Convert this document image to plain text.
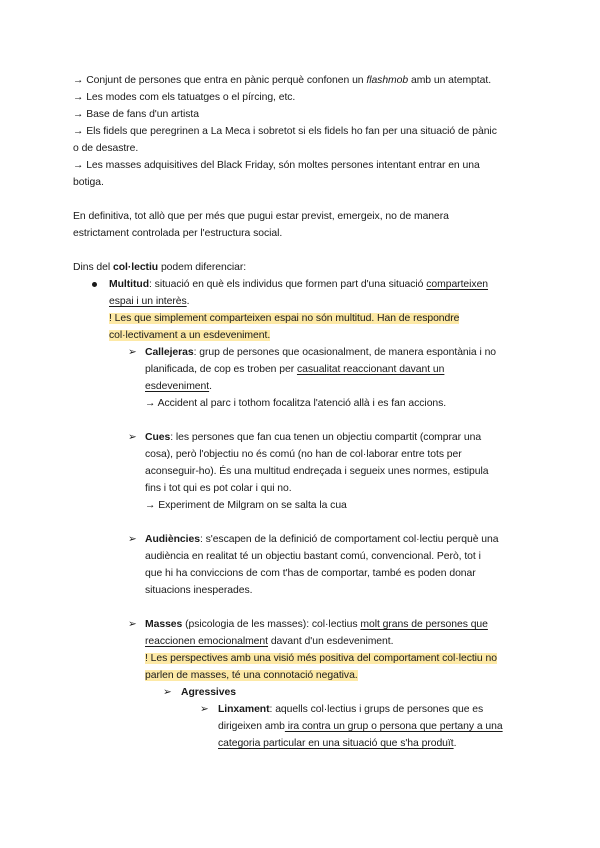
→ Conjunt de persones que entra en pànic perquè confonen un flashmob amb un atemptat.
→ Les modes com els tatuatges o el pírcing, etc.
→ Base de fans d'un artista
→ Els fidels que peregrinen a La Meca i sobretot si els fidels ho fan per una situació de pànic
o de desastre.
→ Les masses adquisitives del Black Friday, són moltes persones intentant entrar en una
botiga.
En definitiva, tot allò que per més que pugui estar previst, emergeix, no de manera
estrictament controlada per l'estructura social.
Dins del col·lectiu podem diferenciar:
Multitud: situació en què els individus que formen part d'una situació comparteixen
espai i un interès.
! Les que simplement comparteixen espai no són multitud. Han de respondre
col·lectivament a un esdeveniment.
➢ Callejeras: grup de persones que ocasionalment, de manera espontània i no
planificada, de cop es troben per casualitat reaccionant davant un
esdeveniment.
→ Accident al parc i tothom focalitza l'atenció allà i es fan accions.
➢ Cues: les persones que fan cua tenen un objectiu compartit (comprar una
cosa), però l'objectiu no és comú (no han de col·laborar entre tots per
aconseguir-ho). És una multitud endreçada i segueix unes normes, estipula
fins i tot qui es pot colar i qui no.
→ Experiment de Milgram on se salta la cua
➢ Audiències: s'escapen de la definició de comportament col·lectiu perquè una
audiència en realitat té un objectiu bastant comú, convencional. Però, tot i
que hi ha conviccions de com t'has de comportar, també es poden donar
situacions inesperades.
➢ Masses (psicologia de les masses): col·lectius molt grans de persones que
reaccionen emocionalment davant d'un esdeveniment.
! Les perspectives amb una visió més positiva del comportament col·lectiu no
parlen de masses, té una connotació negativa.
➢ Agressives
➢ Linxament: aquells col·lectius i grups de persones que es
dirigeixen amb ira contra un grup o persona que pertany a una
categoria particular en una situació que s'ha produït.
